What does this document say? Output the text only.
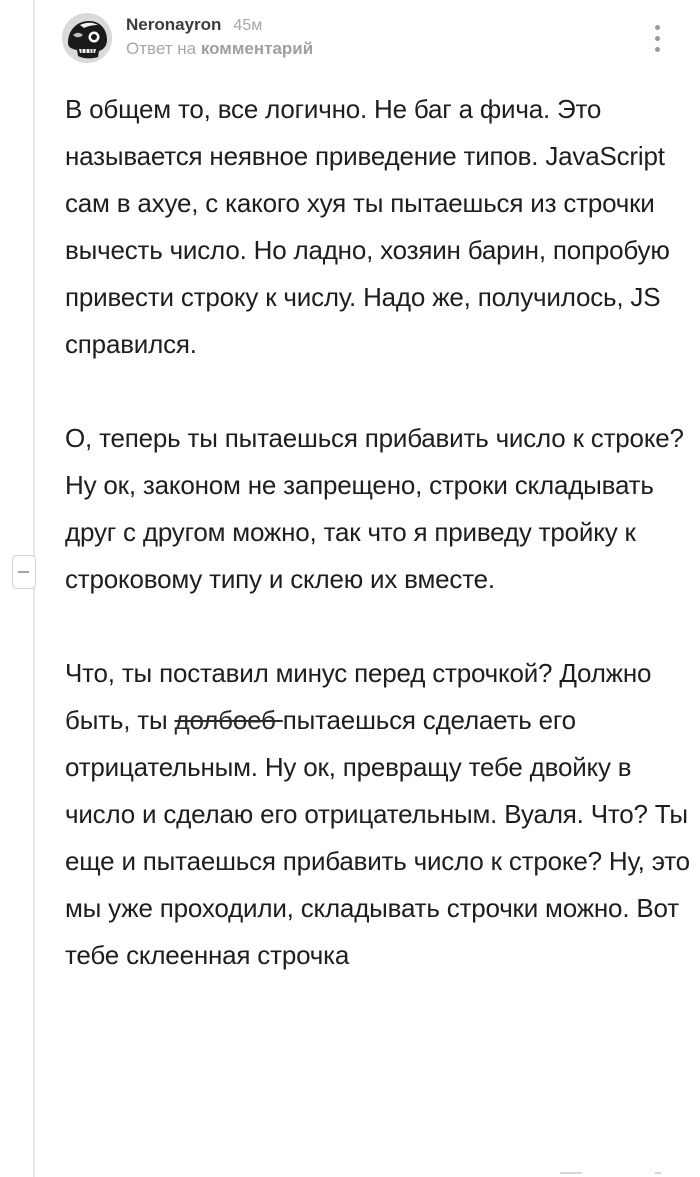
Neronayron 45м
Ответ на комментарий

В общем то, все логично. Не баг а фича. Это называется неявное приведение типов. JavaScript сам в ахуе, с какого хуя ты пытаешься из строчки вычесть число. Но ладно, хозяин барин, попробую привести строку к числу. Надо же, получилось, JS справился.

О, теперь ты пытаешься прибавить число к строке? Ну ок, законом не запрещено, строки складывать друг с другом можно, так что я приведу тройку к строковому типу и склею их вместе.

Что, ты поставил минус перед строчкой? Должно быть, ты долбоеб пытаешься сделаеть его отрицательным. Ну ок, превращу тебе двойку в число и сделаю его отрицательным. Вуаля. Что? Ты еще и пытаешься прибавить число к строке? Ну, это мы уже проходили, складывать строчки можно. Вот тебе склеенная строчка
